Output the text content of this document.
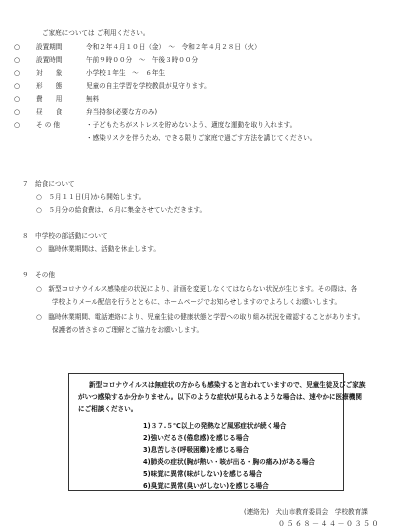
ご家庭については ご利用ください。
○ 設置期間	令和２年４月１０日（金）　～　令和２年４月２８日（火）
○ 設置時間	午前９時００分　～　午後３時００分
○ 対　　象	小学校１年生　～　６年生
○ 形　　態	児童の自主学習を学校教員が見守ります。
○ 費　　用	無料
○ 昼　　食	弁当持参(必要な方のみ)
○ そ の 他	・子どもたちがストレスを貯めないよう、適度な運動を取り入れます。
・感染リスクを伴うため、できる限りご家庭で過ごす方法を講じてください。
７　給食について
○　５月１１日(月)から開始します。
○　５月分の給食費は、６月に集金させていただきます。
８　中学校の部活動について
○　臨時休業期間は、活動を休止します。
９　その他
○　新型コロナウイルス感染症の状況により、計画を変更しなくてはならない状況が生じます。その際は、各
学校よりメール配信を行うとともに、ホームページでお知らせしますのでよろしくお願いします。
○　臨時休業期間、電話連絡により、児童生徒の健康状態と学習への取り組み状況を確認することがあります。
保護者の皆さまのご理解とご協力をお願いします。
新型コロナウイルスは無症状の方からも感染すると言われていますので、児童生徒及びご家族
がいつ感染するか分かりません。以下のような症状が見られるような場合は、速やかに医療機関
にご相談ください。
1)３７.５℃以上の発熱など風邪症状が続く場合
2)強いだるさ(倦怠感)を感じる場合
3)息苦しさ(呼吸困難)を感じる場合
4)肺炎の症状(胸が熱い・咳が出る・胸の痛み)がある場合
5)味覚に異常(味がしない)を感じる場合
6)臭覚に異常(臭いがしない)を感じる場合
(連絡先)　犬山市教育委員会　学校教育課
０５６８－４４－０３５０
